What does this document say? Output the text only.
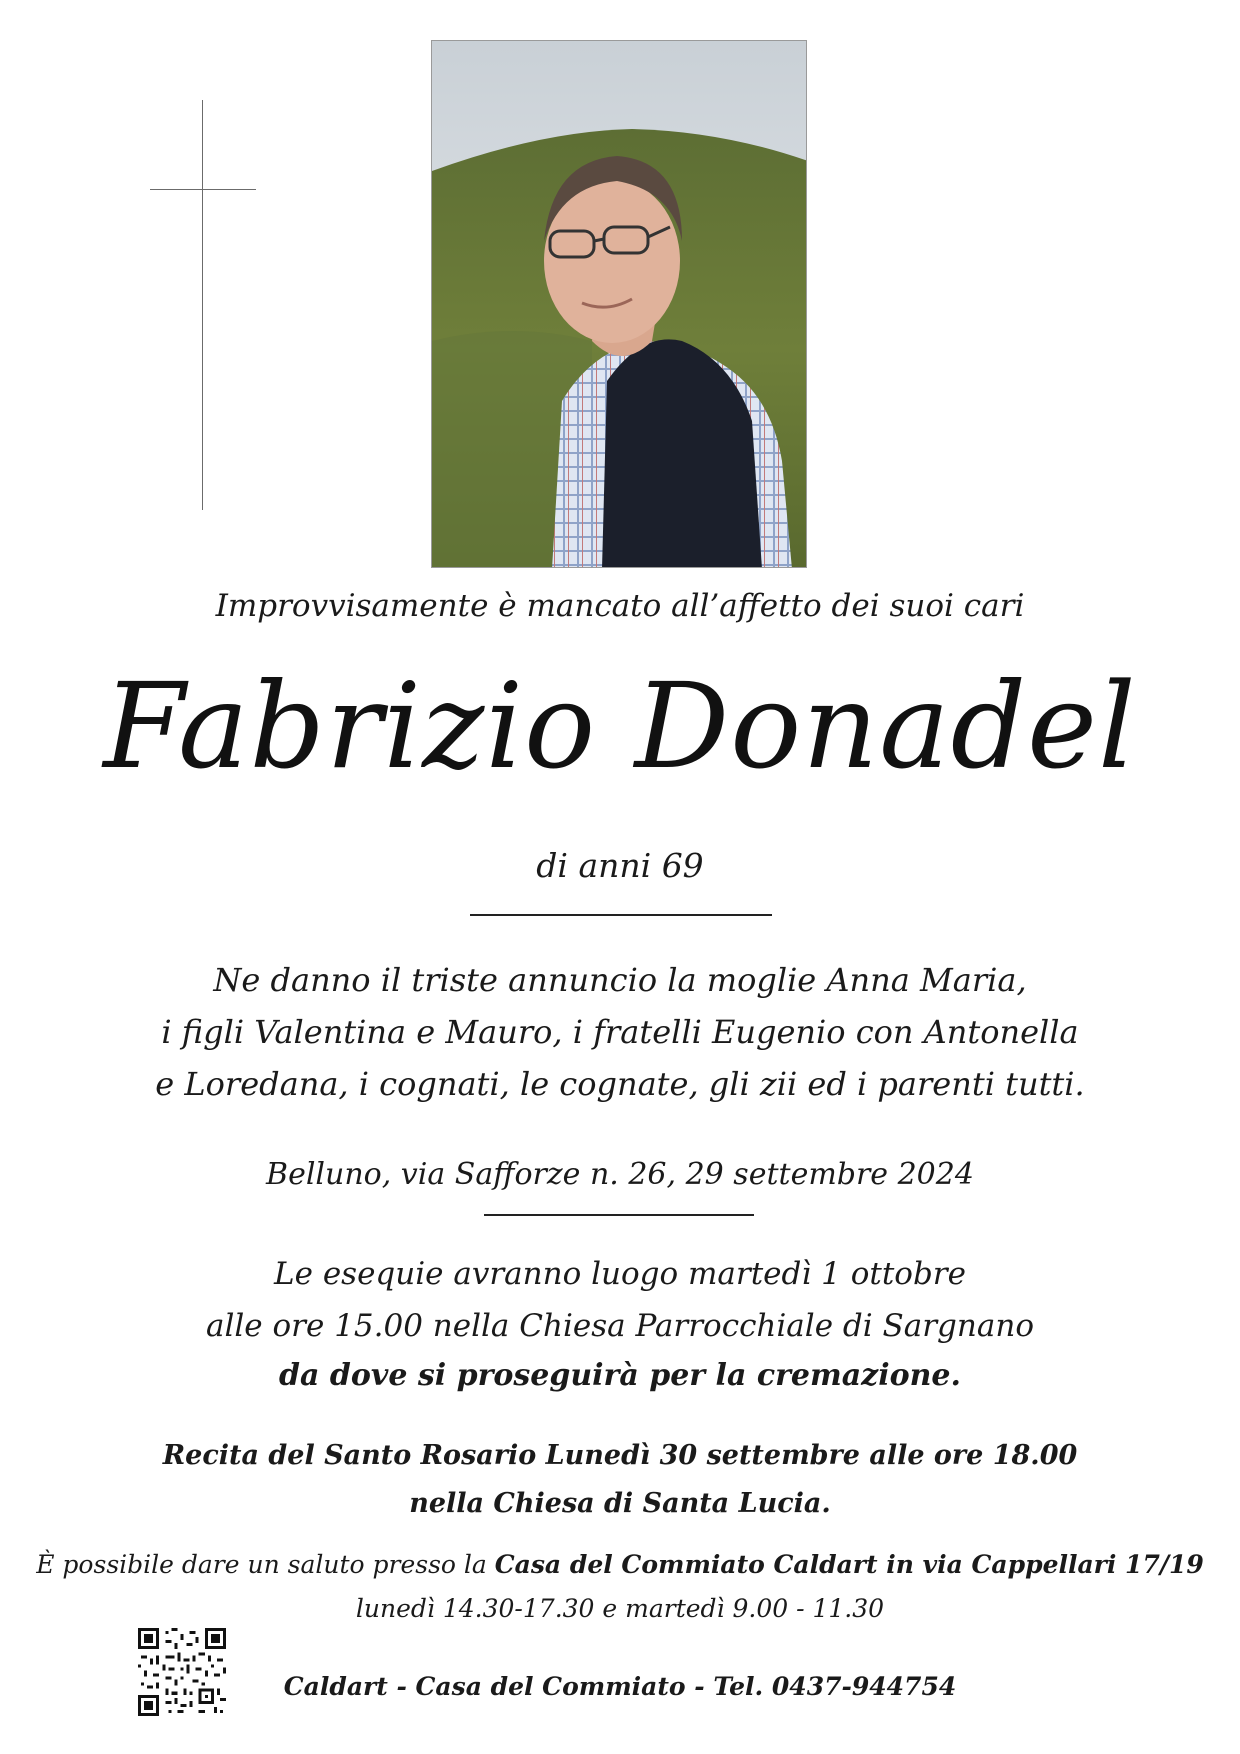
Improvvisamente è mancato all’affetto dei suoi cari
Fabrizio Donadel
di anni 69
Ne danno il triste annuncio la moglie Anna Maria,
i figli Valentina e Mauro, i fratelli Eugenio con Antonella
e Loredana, i cognati, le cognate, gli zii ed i parenti tutti.
Belluno, via Safforze n. 26, 29 settembre 2024
Le esequie avranno luogo martedì 1 ottobre
alle ore 15.00 nella Chiesa Parrocchiale di Sargnano
da dove si proseguirà per la cremazione.
Recita del Santo Rosario Lunedì 30 settembre alle ore 18.00
nella Chiesa di Santa Lucia.
È possibile dare un saluto presso la Casa del Commiato Caldart in via Cappellari 17/19
lunedì 14.30-17.30 e martedì 9.00 - 11.30
Caldart - Casa del Commiato - Tel. 0437-944754
